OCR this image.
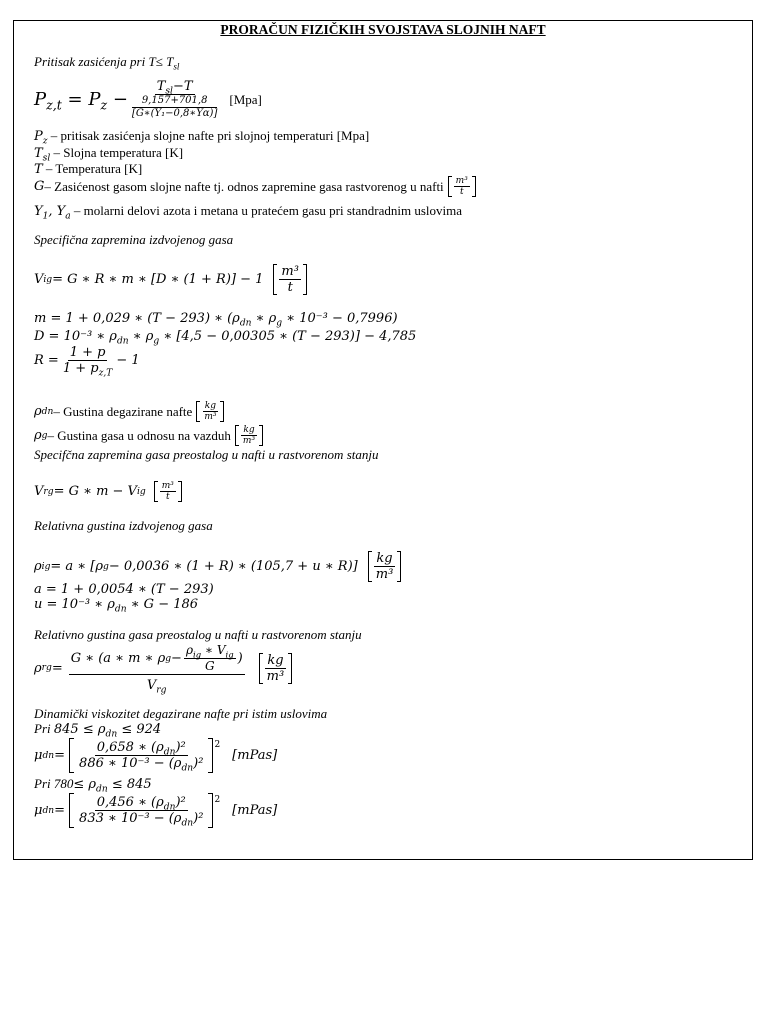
PRORAČUN FIZIČKIH SVOJSTAVA SLOJNIH NAFT
Pritisak zasićenja pri $T\le T_{sl}$
$P_{z,t} = P_z - T_{sl}-T$
9,157+701,8
[G∗(Y₁−0,8∗Yα)] [Mpa]
$P_z$ – pritisak zasićenja slojne nafte pri slojnoj temperaturi [Mpa]
$T_{sl}$ – Slojna temperatura [K]
T – Temperatura [K]
G – Zasićenost gasom slojne nafte tj. odnos zapremine gasa rastvorenog u nafti $\frac{\text{m³}}{t}$
$Y_1$, $Y_a$ – molarni delovi azota i metana u pratećem gasu pri standradnim uslovima
Specifična zapremina izdvojenog gasa
V ig = G ∗ R ∗ m ∗ [D ∗ $(1 + R)] - 1 \frac{\text{m³}}{t}$
m = 1 + 0,029 ∗ (T − 293) ∗ ($\rho_{dn}$ ∗ $\rho_g$ ∗ 10⁻³ − 0,7996)
D = 10⁻³ ∗ $\rho_{dn}$ ∗ $\rho_g$ ∗ [4,5 − 0,00305 ∗ (T − 293)] − 4,785
$R = \frac{1 + p}{1 + p_{z,T}} - 1$
ρ dn – Gustina degazirane nafte $\frac{kg}{\text{m³}}$
ρ g – Gustina gasa u odnosu na vazduh $\frac{kg}{\text{m³}}$
Specifčna zapremina gasa preostalog u nafti u rastvorenom stanju
V rg = G ∗ m − V ig $\frac{\text{m³}}{t}$
Relativna gustina izdvojenog gasa
ρ ig = a ∗ [ρ g − 0,0036 ∗ (1 + R) ∗ (105,7 + u ∗ $R)] \frac{kg}{\text{m³}}$
a = 1 + 0,0054 ∗ (T − 293)
u = 10⁻³ ∗ $\rho_{dn}$ ∗ G − 186
Relativno gustina gasa preostalog u nafti u rastvorenom stanju
ρ rg = $\frac{G ∗ (a ∗ m ∗ \rho g - \frac{\rho_{ig} ∗ V_{ig}}{G} )}{V_{rg}} \frac{kg}{\text{m³}}$
Dinamički viskozitet degazirane nafte pri istim uslovima
Pri $845 \le \rho_{dn} \le 924$
μ dn = $\frac{0,658 ∗ (\rho_{dn})^2}{886 ∗ 10^{-3} - (\rho_{dn})^2} 2$
[mPas]
Pri $780\le \rho_{dn} \le 845$
μ dn = $\frac{0,456 ∗ (\rho_{dn})^2}{833 ∗ 10^{-3} - (\rho_{dn})^2} 2$
[mPas]
